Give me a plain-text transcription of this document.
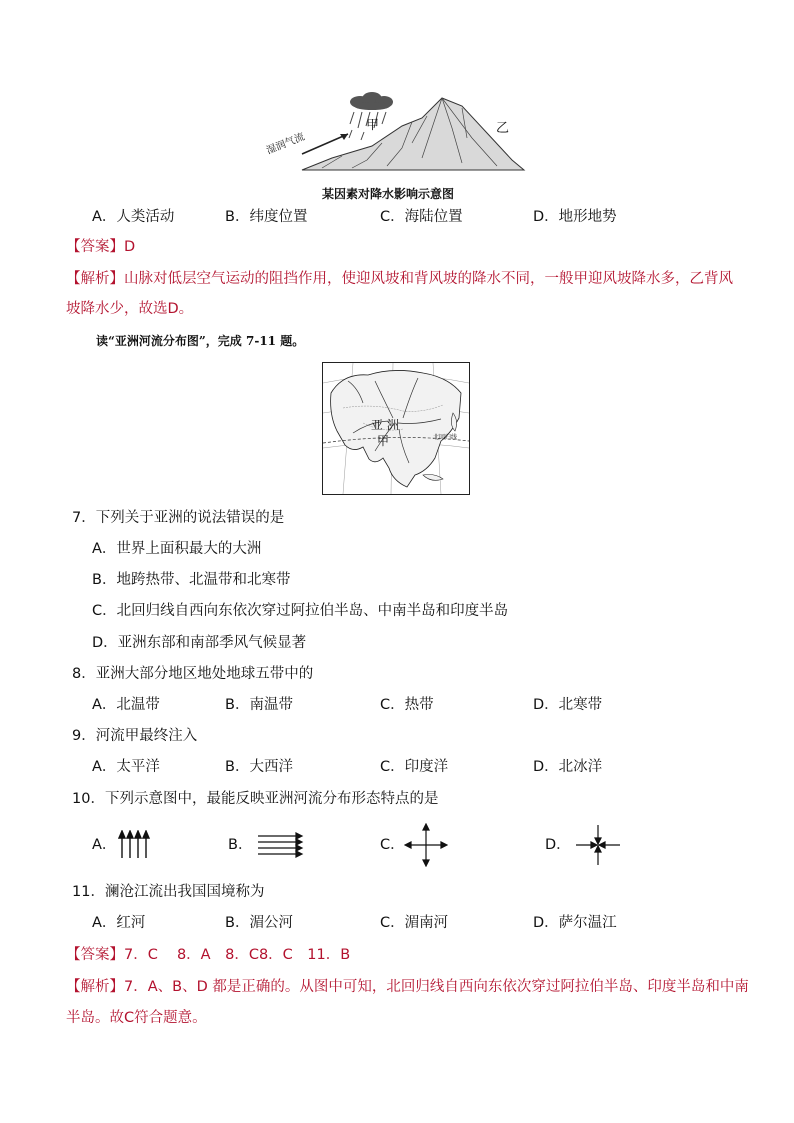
湿润气流
甲	乙
某因素对降水影响示意图
A．人类活动	B．纬度位置	C．海陆位置	D．地形地势
【答案】D
【解析】山脉对低层空气运动的阻挡作用，使迎风坡和背风坡的降水不同，一般甲迎风坡降水多，乙背风
坡降水少，故选D。
读“亚洲河流分布图”，完成 7-11 题。
亚 洲
甲	北回归线
7．下列关于亚洲的说法错误的是
A．世界上面积最大的大洲
B．地跨热带、北温带和北寒带
C．北回归线自西向东依次穿过阿拉伯半岛、中南半岛和印度半岛
D．亚洲东部和南部季风气候显著
8．亚洲大部分地区地处地球五带中的
A．北温带	B．南温带	C．热带	D．北寒带
9．河流甲最终注入
A．太平洋	B．大西洋	C．印度洋	D．北冰洋
10．下列示意图中，最能反映亚洲河流分布形态特点的是
A．	B．	C．	D．
11．澜沧江流出我国国境称为
A．红河	B．湄公河	C．湄南河	D．萨尔温江
【答案】7．C　 8．A　8．C8．C　11．B
【解析】7．A、B、D 都是正确的。从图中可知，北回归线自西向东依次穿过阿拉伯半岛、印度半岛和中南
半岛。故C符合题意。
